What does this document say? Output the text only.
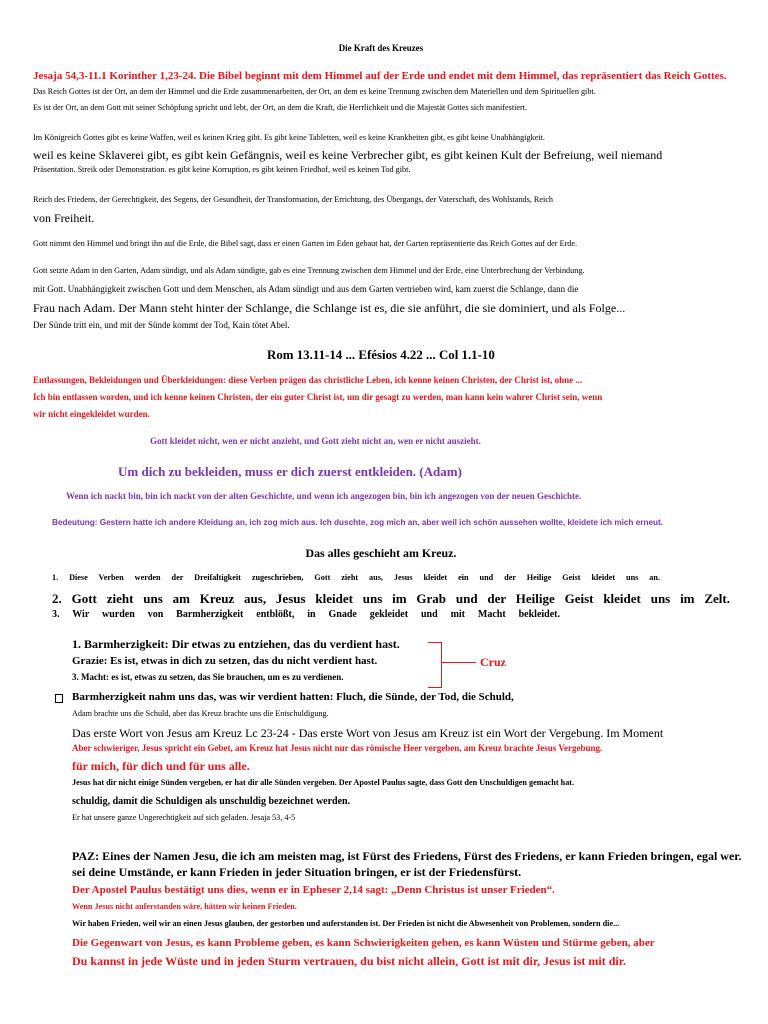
Die Kraft des Kreuzes
Jesaja 54,3-11.1 Korinther 1,23-24. Die Bibel beginnt mit dem Himmel auf der Erde und endet mit dem Himmel, das repräsentiert das Reich Gottes.
Das Reich Gottes ist der Ort, an dem der Himmel und die Erde zusammenarbeiten, der Ort, an dem es keine Trennung zwischen dem Materiellen und dem Spirituellen gibt.
Es ist der Ort, an dem Gott mit seiner Schöpfung spricht und lebt, der Ort, an dem die Kraft, die Herrlichkeit und die Majestät Gottes sich manifestiert.
Im Königreich Gottes gibt es keine Waffen, weil es keinen Krieg gibt. Es gibt keine Tabletten, weil es keine Krankheiten gibt, es gibt keine Unabhängigkeit.
weil es keine Sklaverei gibt, es gibt kein Gefängnis, weil es keine Verbrecher gibt, es gibt keinen Kult der Befreiung, weil niemand
Präsentation. Streik oder Demonstration. es gibt keine Korruption, es gibt keinen Friedhof, weil es keinen Tod gibt.
Reich des Friedens, der Gerechtigkeit, des Segens, der Gesundheit, der Transformation, der Errichtung, des Übergangs, der Vaterschaft, des Wohlstands, Reich
von Freiheit.
Gott nimmt den Himmel und bringt ihn auf die Erde, die Bibel sagt, dass er einen Garten im Eden gebaut hat, der Garten repräsentierte das Reich Gottes auf der Erde.
Gott setzte Adam in den Garten, Adam sündigt, und als Adam sündigte, gab es eine Trennung zwischen dem Himmel und der Erde, eine Unterbrechung der Verbindung.
mit Gott. Unabhängigkeit zwischen Gott und dem Menschen, als Adam sündigt und aus dem Garten vertrieben wird, kam zuerst die Schlange, dann die
Frau nach Adam. Der Mann steht hinter der Schlange, die Schlange ist es, die sie anführt, die sie dominiert, und als Folge...
Der Sünde tritt ein, und mit der Sünde kommt der Tod, Kain tötet Abel.
Rom 13.11-14 ... Efésios 4.22 ... Col 1.1-10
Entlassungen, Bekleidungen und Überkleidungen: diese Verben prägen das christliche Leben, ich kenne keinen Christen, der Christ ist, ohne ...
Ich bin entlassen worden, und ich kenne keinen Christen, der ein guter Christ ist, um dir gesagt zu werden, man kann kein wahrer Christ sein, wenn
wir nicht eingekleidet wurden.
Gott kleidet nicht, wen er nicht anzieht, und Gott zieht nicht an, wen er nicht auszieht.
Um dich zu bekleiden, muss er dich zuerst entkleiden. (Adam)
Wenn ich nackt bin, bin ich nackt von der alten Geschichte, und wenn ich angezogen bin, bin ich angezogen von der neuen Geschichte.
Bedeutung: Gestern hatte ich andere Kleidung an, ich zog mich aus. Ich duschte, zog mich an, aber weil ich schön aussehen wollte, kleidete ich mich erneut.
Das alles geschieht am Kreuz.
1. Diese Verben werden der Dreifaltigkeit zugeschrieben, Gott zieht aus, Jesus kleidet ein und der Heilige Geist kleidet uns an.
2. Gott zieht uns am Kreuz aus, Jesus kleidet uns im Grab und der Heilige Geist kleidet uns im Zelt.
3. Wir wurden von Barmherzigkeit entblößt, in Gnade gekleidet und mit Macht bekleidet.
1. Barmherzigkeit: Dir etwas zu entziehen, das du verdient hast.
Grazie: Es ist, etwas in dich zu setzen, das du nicht verdient hast.
3. Macht: es ist, etwas zu setzen, das Sie brauchen, um es zu verdienen.
Cruz
Barmherzigkeit nahm uns das, was wir verdient hatten: Fluch, die Sünde, der Tod, die Schuld,
Adam brachte uns die Schuld, aber das Kreuz brachte uns die Entschuldigung.
Das erste Wort von Jesus am Kreuz Lc 23-24 - Das erste Wort von Jesus am Kreuz ist ein Wort der Vergebung. Im Moment
Aber schwieriger, Jesus spricht ein Gebet, am Kreuz hat Jesus nicht nur das römische Heer vergeben, am Kreuz brachte Jesus Vergebung.
für mich, für dich und für uns alle.
Jesus hat dir nicht einige Sünden vergeben, er hat dir alle Sünden vergeben. Der Apostel Paulus sagte, dass Gott den Unschuldigen gemacht hat.
schuldig, damit die Schuldigen als unschuldig bezeichnet werden.
Er hat unsere ganze Ungerechtigkeit auf sich geladen. Jesaja 53, 4-5
PAZ: Eines der Namen Jesu, die ich am meisten mag, ist Fürst des Friedens, Fürst des Friedens, er kann Frieden bringen, egal wer.
sei deine Umstände, er kann Frieden in jeder Situation bringen, er ist der Friedensfürst.
Der Apostel Paulus bestätigt uns dies, wenn er in Epheser 2,14 sagt: „Denn Christus ist unser Frieden“.
Wenn Jesus nicht auferstanden wäre, hätten wir keinen Frieden.
Wir haben Frieden, weil wir an einen Jesus glauben, der gestorben und auferstanden ist. Der Frieden ist nicht die Abwesenheit von Problemen, sondern die...
Die Gegenwart von Jesus, es kann Probleme geben, es kann Schwierigkeiten geben, es kann Wüsten und Stürme geben, aber
Du kannst in jede Wüste und in jeden Sturm vertrauen, du bist nicht allein, Gott ist mit dir, Jesus ist mit dir.
